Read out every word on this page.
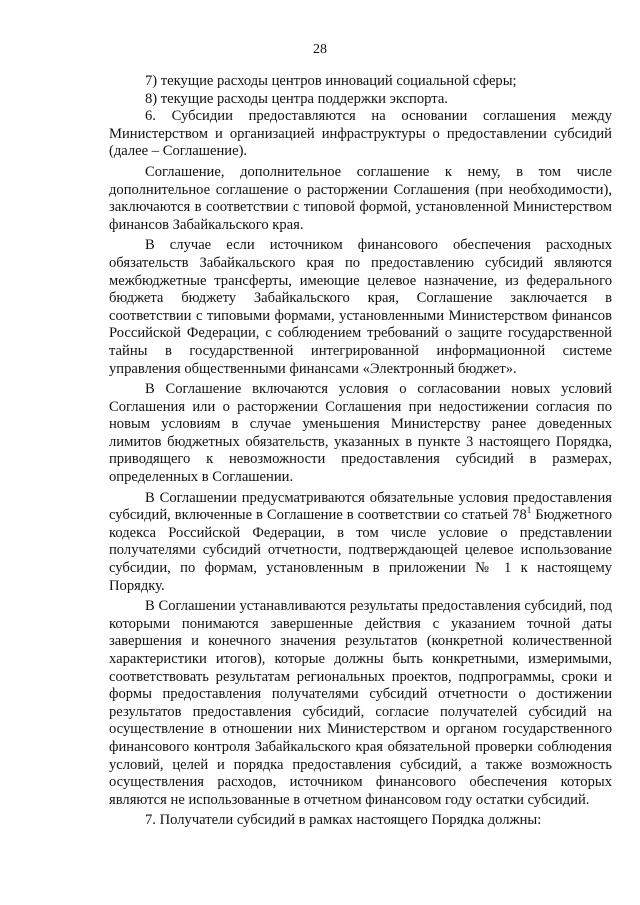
28

7) текущие расходы центров инноваций социальной сферы;

8) текущие расходы центра поддержки экспорта.

6. Субсидии предоставляются на основании соглашения между Министерством и организацией инфраструктуры о предоставлении субсидий (далее – Соглашение).

Соглашение, дополнительное соглашение к нему, в том числе дополнительное соглашение о расторжении Соглашения (при необходимости), заключаются в соответствии с типовой формой, установленной Министерством финансов Забайкальского края.

В случае если источником финансового обеспечения расходных обязательств Забайкальского края по предоставлению субсидий являются межбюджетные трансферты, имеющие целевое назначение, из федерального бюджета бюджету Забайкальского края, Соглашение заключается в соответствии с типовыми формами, установленными Министерством финансов Российской Федерации, с соблюдением требований о защите государственной тайны в государственной интегрированной информационной системе управления общественными финансами «Электронный бюджет».

В Соглашение включаются условия о согласовании новых условий Соглашения или о расторжении Соглашения при недостижении согласия по новым условиям в случае уменьшения Министерству ранее доведенных лимитов бюджетных обязательств, указанных в пункте 3 настоящего Порядка, приводящего к невозможности предоставления субсидий в размерах, определенных в Соглашении.

В Соглашении предусматриваются обязательные условия предоставления субсидий, включенные в Соглашение в соответствии со статьей $78^1$ Бюджетного кодекса Российской Федерации, в том числе условие о представлении получателями субсидий отчетности, подтверждающей целевое использование субсидии, по формам, установленным в приложении № 1 к настоящему Порядку.

В Соглашении устанавливаются результаты предоставления субсидий, под которыми понимаются завершенные действия с указанием точной даты завершения и конечного значения результатов (конкретной количественной характеристики итогов), которые должны быть конкретными, измеримыми, соответствовать результатам региональных проектов, подпрограммы, сроки и формы предоставления получателями субсидий отчетности о достижении результатов предоставления субсидий, согласие получателей субсидий на осуществление в отношении них Министерством и органом государственного финансового контроля Забайкальского края обязательной проверки соблюдения условий, целей и порядка предоставления субсидий, а также возможность осуществления расходов, источником финансового обеспечения которых являются не использованные в отчетном финансовом году остатки субсидий.

7. Получатели субсидий в рамках настоящего Порядка должны:
